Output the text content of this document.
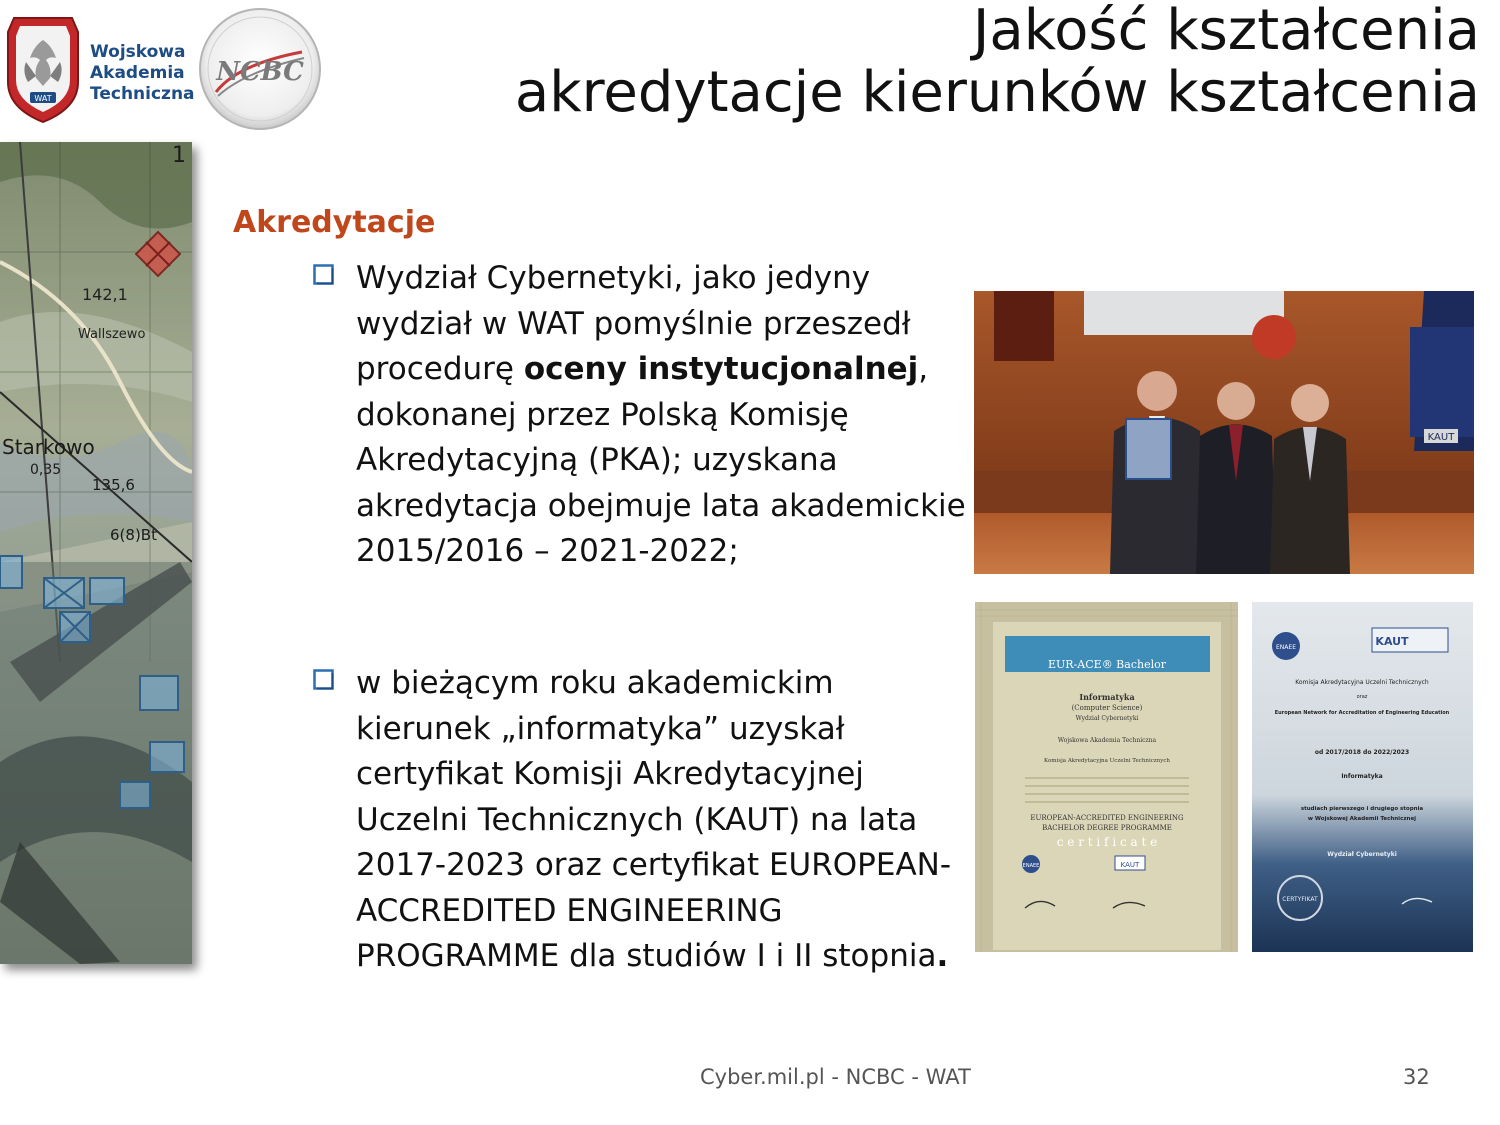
WAT
Wojskowa
Akademia
Techniczna
NCBC
Jakość kształcenia
akredytacje kierunków kształcenia
142,1
Wallszewo
Starkowo
0,35
135,6
6(8)Bt
1
Akredytacje
Wydział Cybernetyki, jako jedyny wydział w WAT pomyślnie przeszedł procedurę oceny instytucjonalnej, dokonanej przez Polską Komisję Akredytacyjną (PKA); uzyskana akredytacja obejmuje lata akademickie 2015/2016 – 2021-2022;
w bieżącym roku akademickim kierunek „informatyka” uzyskał certyfikat Komisji Akredytacyjnej Uczelni Technicznych (KAUT) na lata 2017-2023 oraz certyfikat EUROPEAN-ACCREDITED ENGINEERING PROGRAMME dla studiów I i II stopnia.
KAUT
EUR-ACE® Bachelor
Informatyka
(Computer Science)
Wydział Cybernetyki
Wojskowa Akademia Techniczna
Komisja Akredytacyjna Uczelni Technicznych
EUROPEAN-ACCREDITED ENGINEERING
BACHELOR DEGREE PROGRAMME
c e r t i f i c a t e
ENAEE	KAUT
ENAEE	KAUT
Komisja Akredytacyjna Uczelni Technicznych
oraz
European Network for Accreditation of Engineering Education
od 2017/2018 do 2022/2023
Informatyka
studiach pierwszego i drugiego stopnia
w Wojskowej Akademii Technicznej
Wydział Cybernetyki
CERTYFIKAT
Cyber.mil.pl - NCBC - WAT	32
